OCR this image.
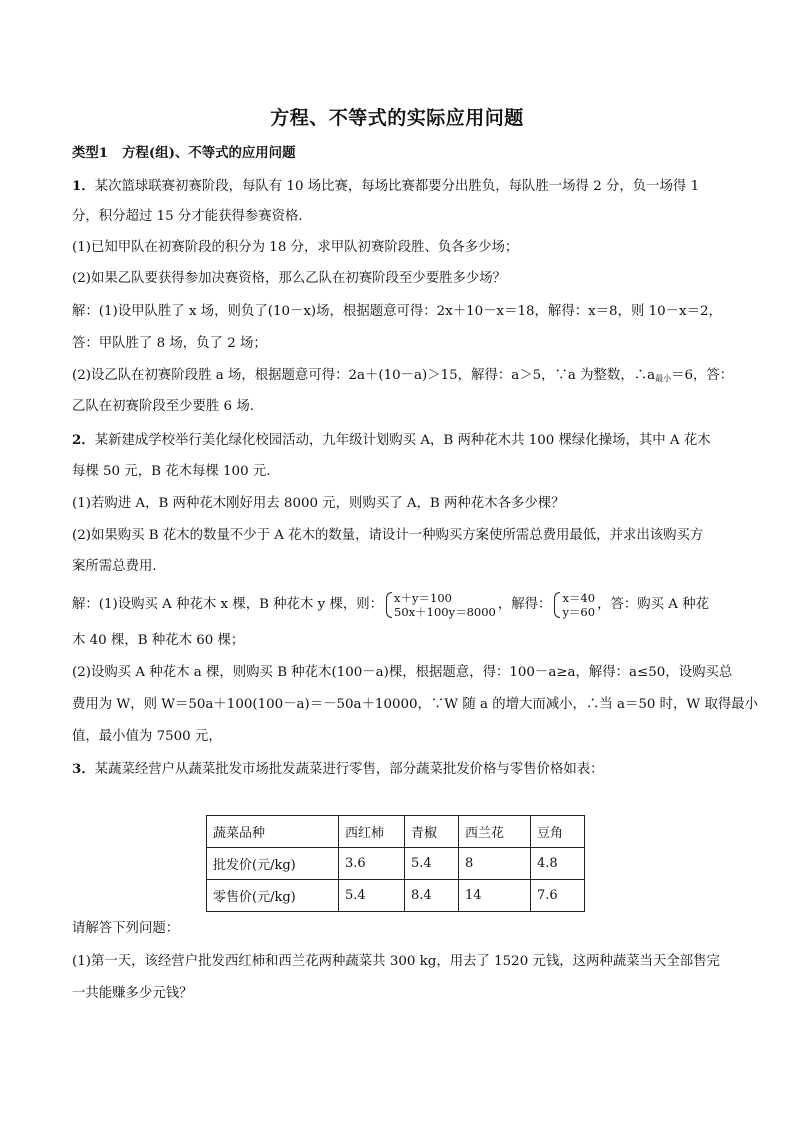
方程、不等式的实际应用问题
类型1 方程(组)、不等式的应用问题
1．某次篮球联赛初赛阶段，每队有 10 场比赛，每场比赛都要分出胜负，每队胜一场得 2 分，负一场得 1
分，积分超过 15 分才能获得参赛资格．
(1)已知甲队在初赛阶段的积分为 18 分，求甲队初赛阶段胜、负各多少场；
(2)如果乙队要获得参加决赛资格，那么乙队在初赛阶段至少要胜多少场？
解：(1)设甲队胜了 x 场，则负了(10－x)场，根据题意可得：2x＋10－x＝18，解得：x＝8，则 10－x＝2，
答：甲队胜了 8 场，负了 2 场；
(2)设乙队在初赛阶段胜 a 场，根据题意可得：2a＋(10－a)＞15，解得：a＞5，∵a 为整数，$\therefore a_{最小}=6$，答：
乙队在初赛阶段至少要胜 6 场．
2．某新建成学校举行美化绿化校园活动，九年级计划购买 A，B 两种花木共 100 棵绿化操场，其中 A 花木
每棵 50 元，B 花木每棵 100 元．
(1)若购进 A，B 两种花木刚好用去 8000 元，则购买了 A，B 两种花木各多少棵？
(2)如果购买 B 花木的数量不少于 A 花木的数量，请设计一种购买方案使所需总费用最低，并求出该购买方
案所需总费用．
解：(1)设购买 A 种花木 x 棵，B 种花木 y 棵，则： x＋y＝100
50x＋100y＝8000 ，解得： x＝40
y＝60 ，答：购买 A 种花
木 40 棵，B 种花木 60 棵；
(2)设购买 A 种花木 a 棵，则购买 B 种花木(100－a)棵，根据题意，得：100－a≥a，解得：a≤50，设购买总
费用为 W，则 W＝50a＋100(100－a)＝－50a＋10000，∵W 随 a 的增大而减小，∴当 a＝50 时，W 取得最小
值，最小值为 7500 元，
3．某蔬菜经营户从蔬菜批发市场批发蔬菜进行零售，部分蔬菜批发价格与零售价格如表：
蔬菜品种	西红柿	青椒	西兰花	豆角
批发价(元/kg)	3.6	5.4	8	4.8
零售价(元/kg)	5.4	8.4	14	7.6
请解答下列问题：
(1)第一天，该经营户批发西红柿和西兰花两种蔬菜共 300 kg，用去了 1520 元钱，这两种蔬菜当天全部售完
一共能赚多少元钱？
